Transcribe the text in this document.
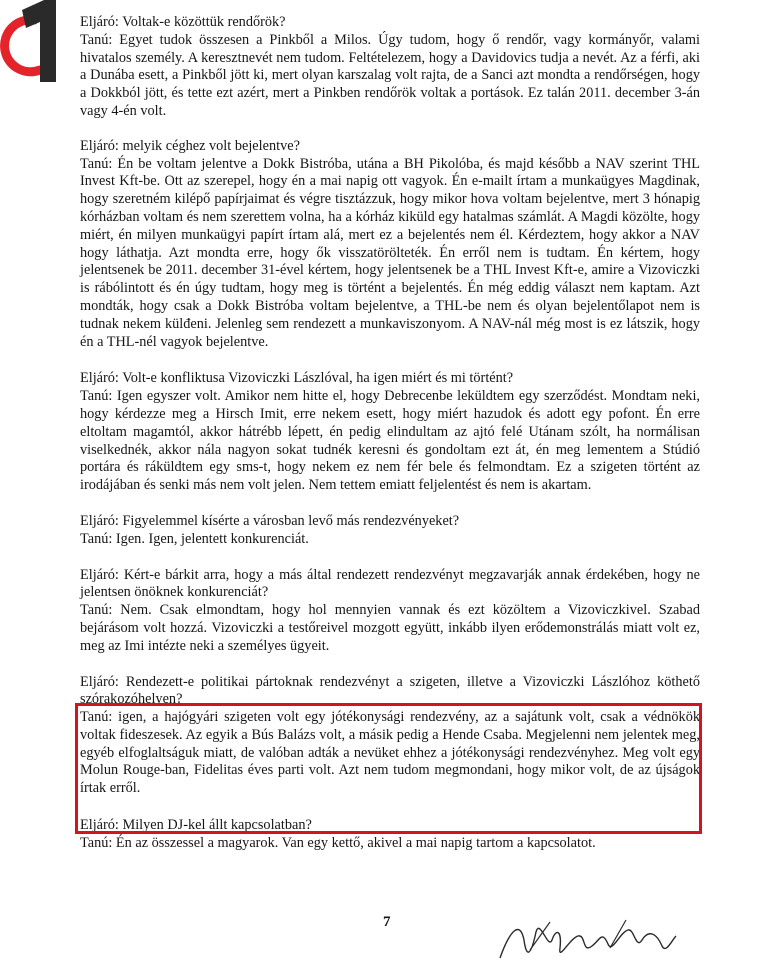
Eljáró: Voltak-e közöttük rendőrök?

Tanú: Egyet tudok összesen a Pinkből a Milos. Úgy tudom, hogy ő rendőr, vagy kormányőr, valami hivatalos személy. A keresztnevét nem tudom. Feltételezem, hogy a Davidovics tudja a nevét. Az a férfi, aki a Dunába esett, a Pinkből jött ki, mert olyan karszalag volt rajta, de a Sanci azt mondta a rendőrségen, hogy a Dokkból jött, és tette ezt azért, mert a Pinkben rendőrök voltak a portások. Ez talán 2011. december 3-án vagy 4-én volt.

Eljáró: melyik céghez volt bejelentve?

Tanú: Én be voltam jelentve a Dokk Bistróba, utána a BH Pikolóba, és majd később a NAV szerint THL Invest Kft-be. Ott az szerepel, hogy én a mai napig ott vagyok. Én e-mailt írtam a munkaügyes Magdinak, hogy szeretném kilépő papírjaimat és végre tisztázzuk, hogy mikor hova voltam bejelentve, mert 3 hónapig kórházban voltam és nem szerettem volna, ha a kórház kiküld egy hatalmas számlát. A Magdi közölte, hogy miért, én milyen munkaügyi papírt írtam alá, mert ez a bejelentés nem él. Kérdeztem, hogy akkor a NAV hogy láthatja. Azt mondta erre, hogy ők visszatörölteték. Én erről nem is tudtam. Én kértem, hogy jelentsenek be 2011. december 31-ével kértem, hogy jelentsenek be a THL Invest Kft-e, amire a Vizoviczki is rábólintott és én úgy tudtam, hogy meg is történt a bejelentés. Én még eddig választ nem kaptam. Azt mondták, hogy csak a Dokk Bistróba voltam bejelentve, a THL-be nem és olyan bejelentőlapot nem is tudnak nekem külđeni. Jelenleg sem rendezett a munkaviszonyom. A NAV-nál még most is ez látszik, hogy én a THL-nél vagyok bejelentve.

Eljáró: Volt-e konfliktusa Vizoviczki Lászlóval, ha igen miért és mi történt?

Tanú: Igen egyszer volt. Amikor nem hitte el, hogy Debrecenbe leküldtem egy szerződést. Mondtam neki, hogy kérdezze meg a Hirsch Imit, erre nekem esett, hogy miért hazudok és adott egy pofont. Én erre eltoltam magamtól, akkor hátrébb lépett, én pedig elindultam az ajtó felé Utánam szólt, ha normálisan viselkednék, akkor nála nagyon sokat tudnék keresni és gondoltam ezt át, én meg lementem a Stúdió portára és ráküldtem egy sms-t, hogy nekem ez nem fér bele és felmondtam. Ez a szigeten történt az irodájában és senki más nem volt jelen. Nem tettem emiatt feljelentést és nem is akartam.

Eljáró: Figyelemmel kísérte a városban levő más rendezvényeket?

Tanú: Igen. Igen, jelentett konkurenciát.

Eljáró: Kért-e bárkit arra, hogy a más által rendezett rendezvényt megzavarják annak érdekében, hogy ne jelentsen önöknek konkurenciát?

Tanú: Nem. Csak elmondtam, hogy hol mennyien vannak és ezt közöltem a Vizoviczkivel. Szabad bejárásom volt hozzá. Vizoviczki a testőreivel mozgott együtt, inkább ilyen erődemonstrálás miatt volt ez, meg az Imi intézte neki a személyes ügyeit.

Eljáró: Rendezett-e politikai pártoknak rendezvényt a szigeten, illetve a Vizoviczki Lászlóhoz köthető szórakozóhelyen?

Tanú: igen, a hajógyári szigeten volt egy jótékonysági rendezvény, az a sajátunk volt, csak a védnökök voltak fideszesek. Az egyik a Bús Balázs volt, a másik pedig a Hende Csaba. Megjelenni nem jelentek meg, egyéb elfoglaltságuk miatt, de valóban adták a nevüket ehhez a jótékonysági rendezvényhez. Meg volt egy Molun Rouge-ban, Fidelitas éves parti volt. Azt nem tudom megmondani, hogy mikor volt, de az újságok írtak erről.

Eljáró: Milyen DJ-kel állt kapcsolatban?

Tanú: Én az összessel a magyarok. Van egy kettő, akivel a mai napig tartom a kapcsolatot.

7
